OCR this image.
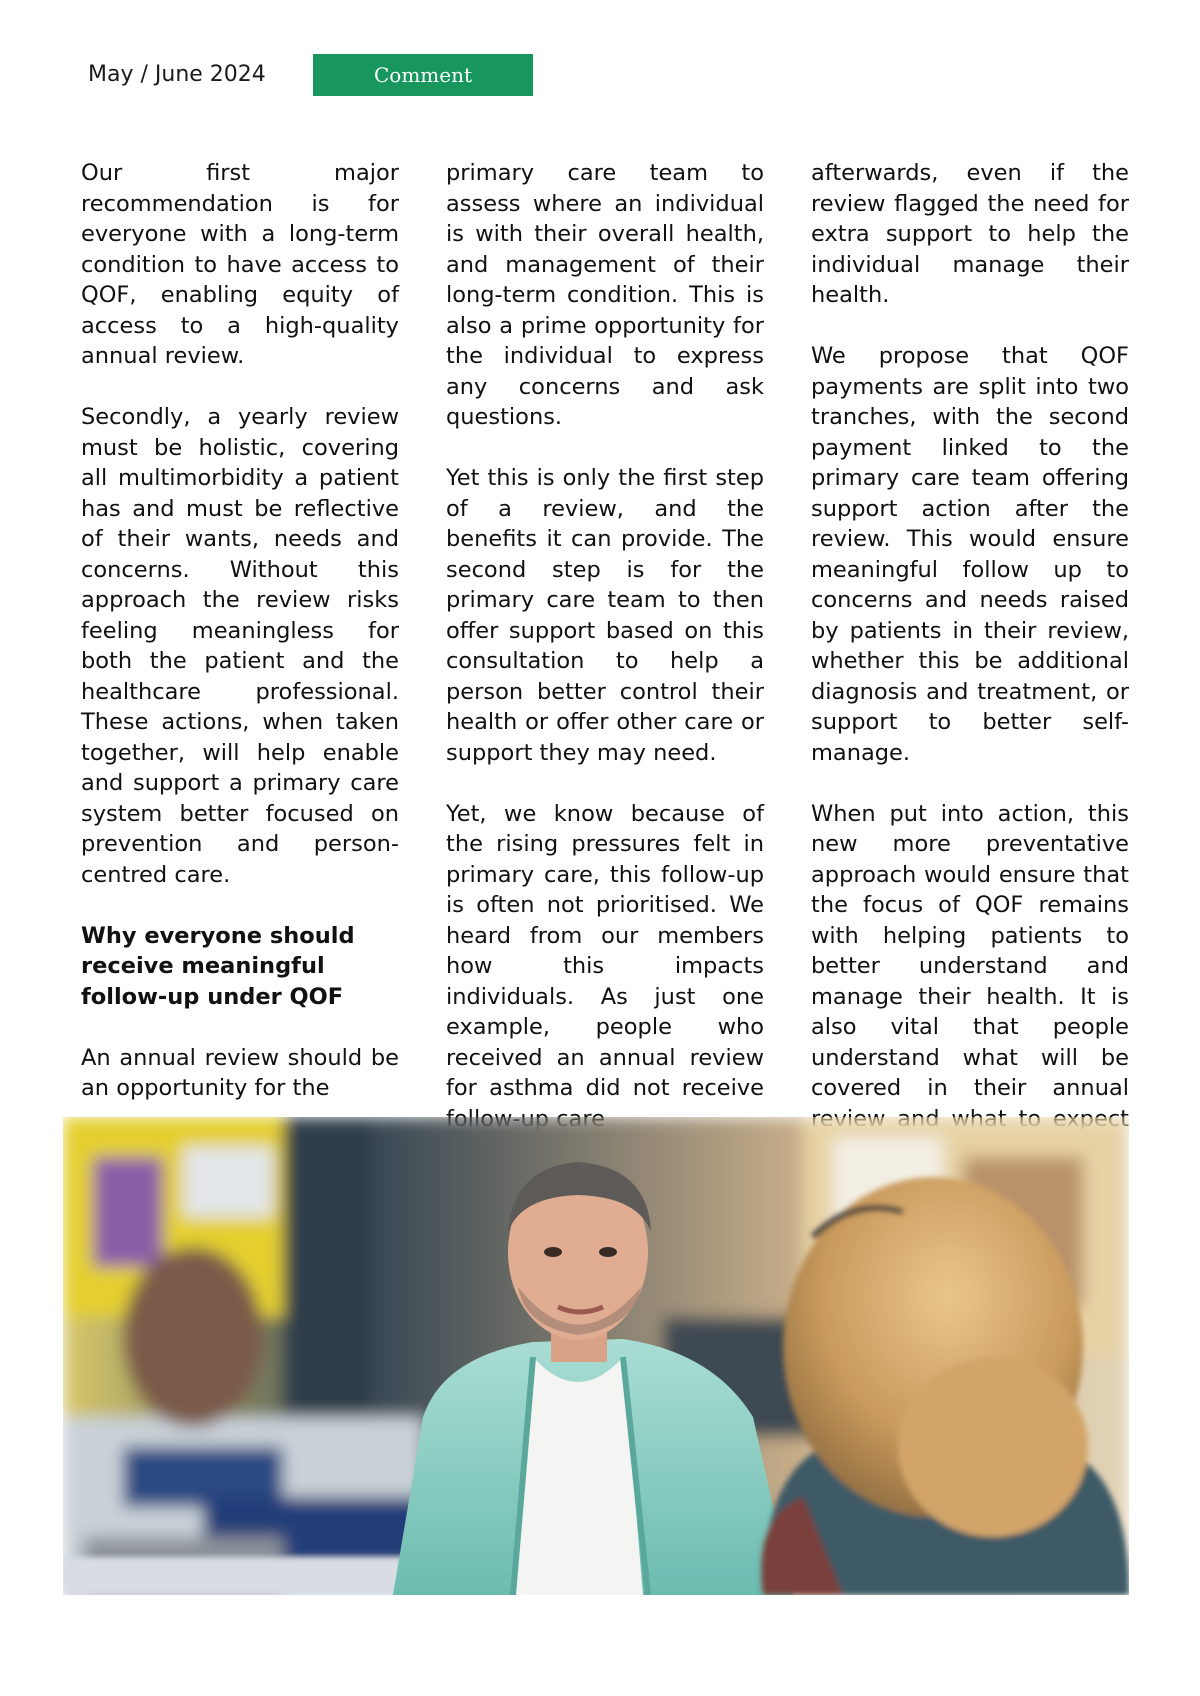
May / June 2024	Comment

Our first major recommendation is for everyone with a long-term condition to have access to QOF, enabling equity of access to a high-quality annual review.

Secondly, a yearly review must be holistic, covering all multimorbidity a patient has and must be reflective of their wants, needs and concerns. Without this approach the review risks feeling meaningless for both the patient and the healthcare professional. These actions, when taken together, will help enable and support a primary care system better focused on prevention and person-centred care.

Why everyone should receive meaningful follow-up under QOF

An annual review should be an opportunity for the

primary care team to assess where an individual is with their overall health, and management of their long-term condition. This is also a prime opportunity for the individual to express any concerns and ask questions.

Yet this is only the first step of a review, and the benefits it can provide. The second step is for the primary care team to then offer support based on this consultation to help a person better control their health or offer other care or support they may need.

Yet, we know because of the rising pressures felt in primary care, this follow-up is often not prioritised. We heard from our members how this impacts individuals. As just one example, people who received an annual review for asthma did not receive

afterwards, even if the review flagged the need for extra support to help the individual manage their health.

We propose that QOF payments are split into two tranches, with the second payment linked to the primary care team offering support action after the review. This would ensure meaningful follow up to concerns and needs raised by patients in their review, whether this be additional diagnosis and treatment, or support to better self-manage.

When put into action, this new more preventative approach would ensure that the focus of QOF remains with helping patients to better understand and manage their health. It is also vital that people understand what will be covered in their annual
